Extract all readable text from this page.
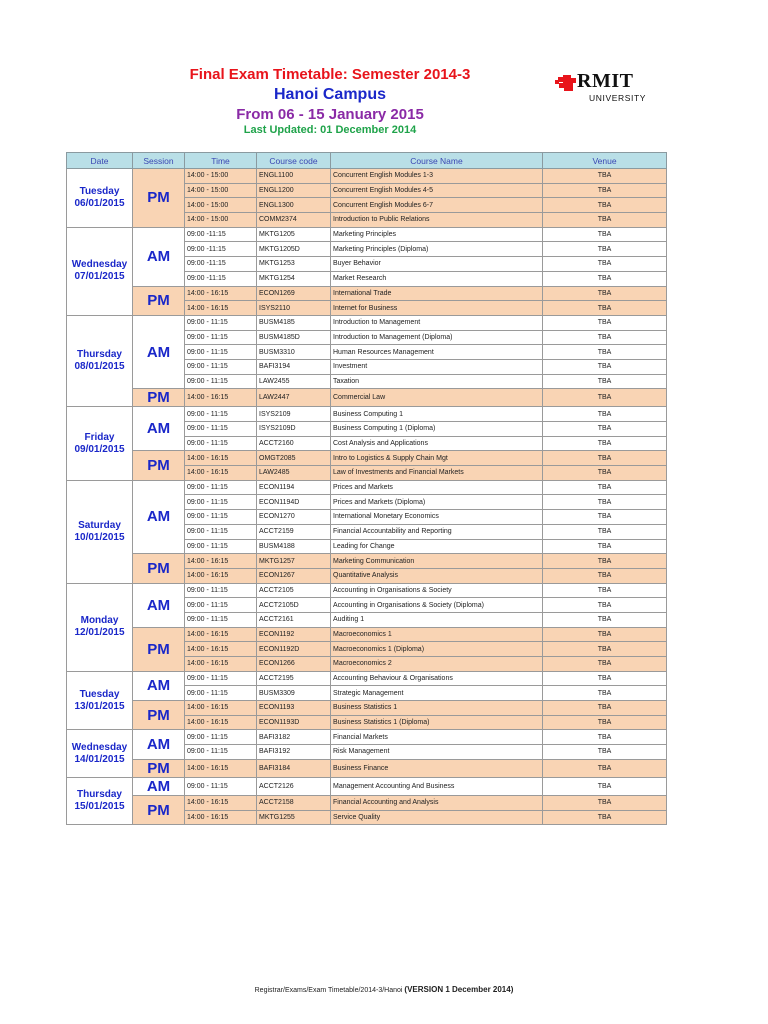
Final Exam Timetable: Semester 2014-3
Hanoi Campus
From 06 - 15 January 2015
Last Updated: 01 December 2014
RMIT
UNIVERSITY
Date	Session	Time	Course code	Course Name	Venue
Tuesday
06/01/2015	PM	14:00 - 15:00	ENGL1100	Concurrent English Modules 1-3	TBA
		14:00 - 15:00	ENGL1200	Concurrent English Modules 4-5	TBA
		14:00 - 15:00	ENGL1300	Concurrent English Modules 6-7	TBA
		14:00 - 15:00	COMM2374	Introduction to Public Relations	TBA
Wednesday
07/01/2015	AM	09:00 -11:15	MKTG1205	Marketing Principles	TBA
		09:00 -11:15	MKTG1205D	Marketing Principles (Diploma)	TBA
		09:00 -11:15	MKTG1253	Buyer Behavior	TBA
		09:00 -11:15	MKTG1254	Market Research	TBA
	PM	14:00 - 16:15	ECON1269	International Trade	TBA
		14:00 - 16:15	ISYS2110	Internet for Business	TBA
Thursday
08/01/2015	AM	09:00 - 11:15	BUSM4185	Introduction to Management	TBA
		09:00 - 11:15	BUSM4185D	Introduction to Management (Diploma)	TBA
		09:00 - 11:15	BUSM3310	Human Resources Management	TBA
		09:00 - 11:15	BAFI3194	Investment	TBA
		09:00 - 11:15	LAW2455	Taxation	TBA
	PM	14:00 - 16:15	LAW2447	Commercial Law	TBA
Friday
09/01/2015	AM	09:00 - 11:15	ISYS2109	Business Computing 1	TBA
		09:00 - 11:15	ISYS2109D	Business Computing 1 (Diploma)	TBA
		09:00 - 11:15	ACCT2160	Cost Analysis and Applications	TBA
	PM	14:00 - 16:15	OMGT2085	Intro to Logistics & Supply Chain Mgt	TBA
		14:00 - 16:15	LAW2485	Law of Investments and Financial Markets	TBA
Saturday
10/01/2015	AM	09:00 - 11:15	ECON1194	Prices and Markets	TBA
		09:00 - 11:15	ECON1194D	Prices and Markets (Diploma)	TBA
		09:00 - 11:15	ECON1270	International Monetary Economics	TBA
		09:00 - 11:15	ACCT2159	Financial Accountability and Reporting	TBA
		09:00 - 11:15	BUSM4188	Leading for Change	TBA
	PM	14:00 - 16:15	MKTG1257	Marketing Communication	TBA
		14:00 - 16:15	ECON1267	Quantitative Analysis	TBA
Monday
12/01/2015	AM	09:00 - 11:15	ACCT2105	Accounting in Organisations & Society	TBA
		09:00 - 11:15	ACCT2105D	Accounting in Organisations & Society (Diploma)	TBA
		09:00 - 11:15	ACCT2161	Auditing 1	TBA
	PM	14:00 - 16:15	ECON1192	Macroeconomics 1	TBA
		14:00 - 16:15	ECON1192D	Macroeconomics 1 (Diploma)	TBA
		14:00 - 16:15	ECON1266	Macroeconomics 2	TBA
Tuesday
13/01/2015	AM	09:00 - 11:15	ACCT2195	Accounting Behaviour & Organisations	TBA
		09:00 - 11:15	BUSM3309	Strategic Management	TBA
	PM	14:00 - 16:15	ECON1193	Business Statistics 1	TBA
		14:00 - 16:15	ECON1193D	Business Statistics 1 (Diploma)	TBA
Wednesday
14/01/2015	AM	09:00 - 11:15	BAFI3182	Financial Markets	TBA
		09:00 - 11:15	BAFI3192	Risk Management	TBA
	PM	14:00 - 16:15	BAFI3184	Business Finance	TBA
Thursday
15/01/2015	AM	09:00 - 11:15	ACCT2126	Management Accounting And Business	TBA
	PM	14:00 - 16:15	ACCT2158	Financial Accounting and Analysis	TBA
		14:00 - 16:15	MKTG1255	Service Quality	TBA
Registrar/Exams/Exam Timetable/2014-3/Hanoi (VERSION 1 December 2014)
